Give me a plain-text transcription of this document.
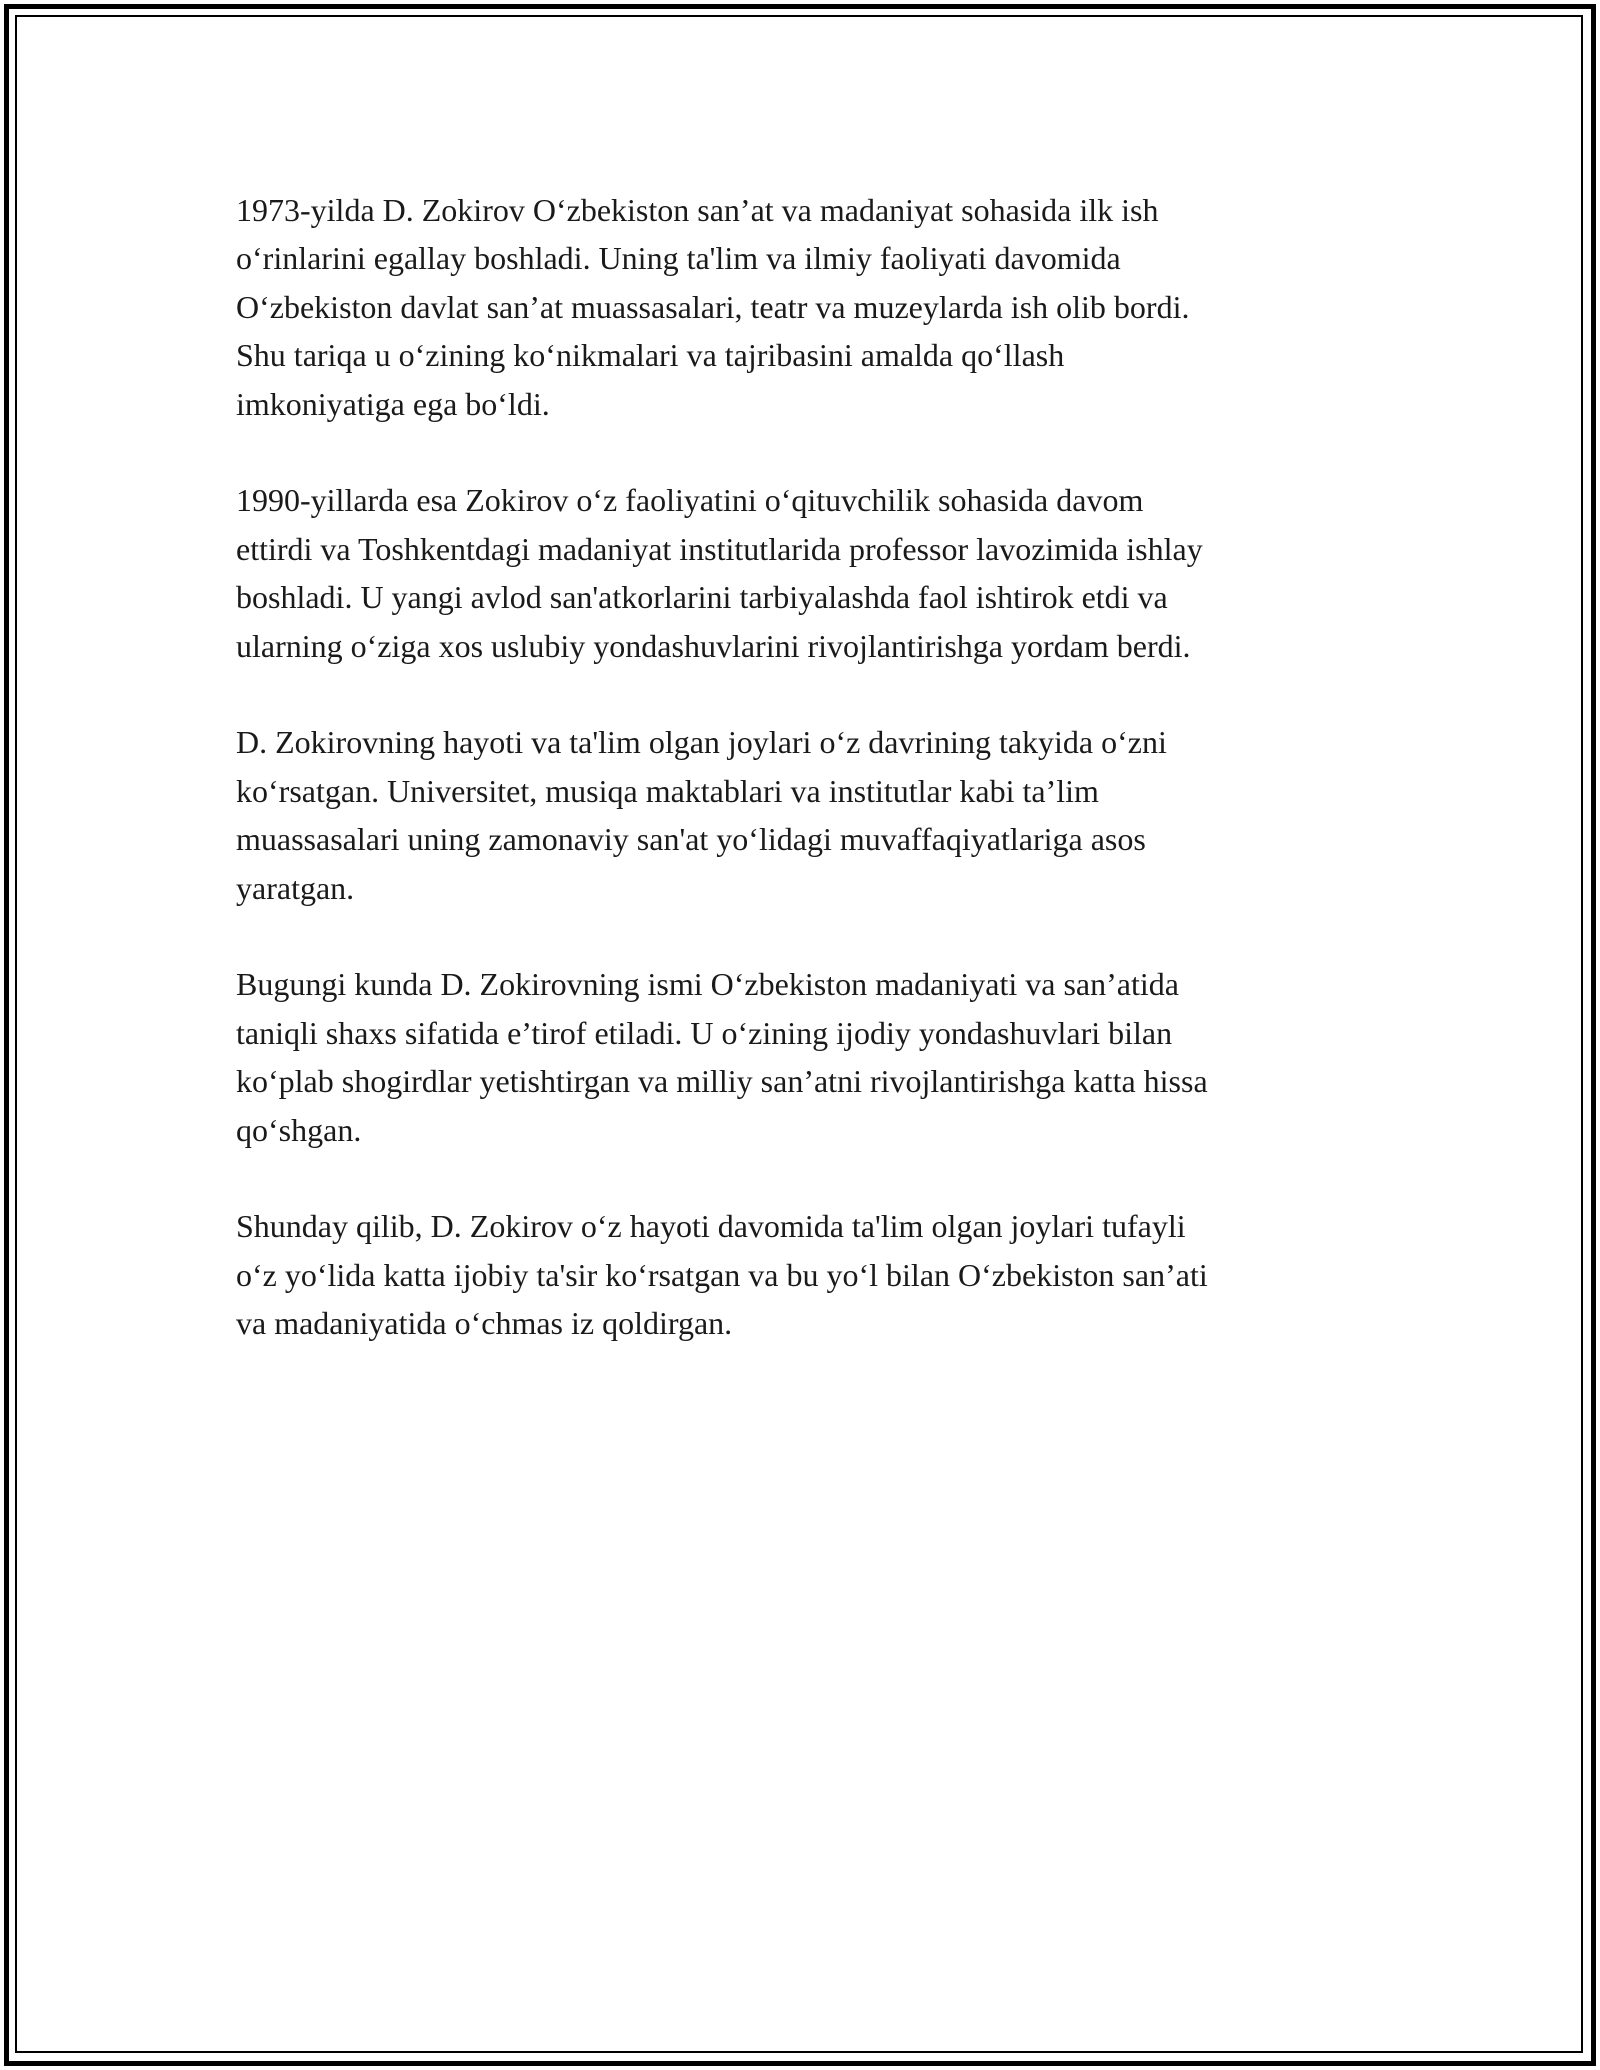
1973-yilda D. Zokirov O‘zbekiston san’at va madaniyat sohasida ilk ish
o‘rinlarini egallay boshladi. Uning ta'lim va ilmiy faoliyati davomida
O‘zbekiston davlat san’at muassasalari, teatr va muzeylarda ish olib bordi.
Shu tariqa u o‘zining ko‘nikmalari va tajribasini amalda qo‘llash
imkoniyatiga ega bo‘ldi.

1990-yillarda esa Zokirov o‘z faoliyatini o‘qituvchilik sohasida davom
ettirdi va Toshkentdagi madaniyat institutlarida professor lavozimida ishlay
boshladi. U yangi avlod san'atkorlarini tarbiyalashda faol ishtirok etdi va
ularning o‘ziga xos uslubiy yondashuvlarini rivojlantirishga yordam berdi.

D. Zokirovning hayoti va ta'lim olgan joylari o‘z davrining takyida o‘zni
ko‘rsatgan. Universitet, musiqa maktablari va institutlar kabi ta’lim
muassasalari uning zamonaviy san'at yo‘lidagi muvaffaqiyatlariga asos
yaratgan.

Bugungi kunda D. Zokirovning ismi O‘zbekiston madaniyati va san’atida
taniqli shaxs sifatida e’tirof etiladi. U o‘zining ijodiy yondashuvlari bilan
ko‘plab shogirdlar yetishtirgan va milliy san’atni rivojlantirishga katta hissa
qo‘shgan.

Shunday qilib, D. Zokirov o‘z hayoti davomida ta'lim olgan joylari tufayli
o‘z yo‘lida katta ijobiy ta'sir ko‘rsatgan va bu yo‘l bilan O‘zbekiston san’ati
va madaniyatida o‘chmas iz qoldirgan.
